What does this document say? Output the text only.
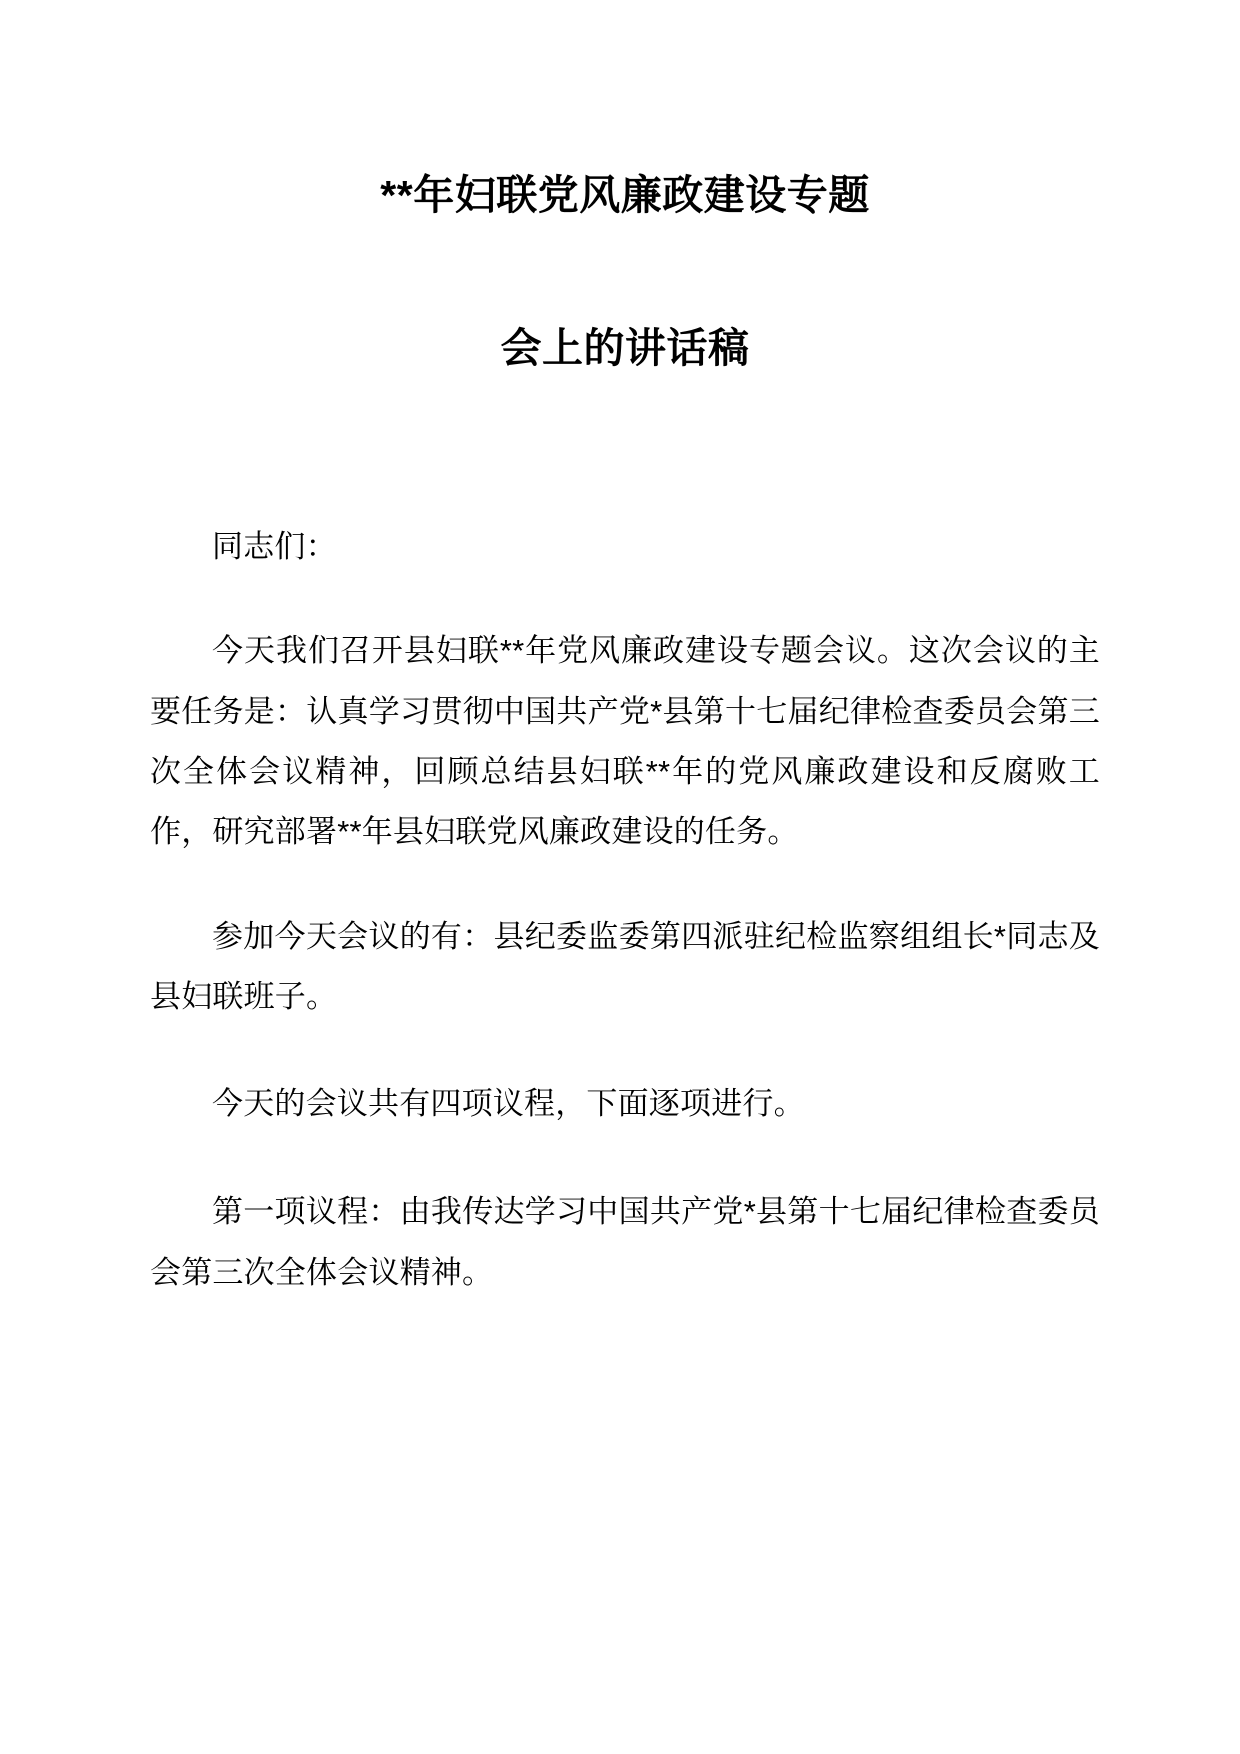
**年妇联党风廉政建设专题
会上的讲话稿
同志们：

今天我们召开县妇联**年党风廉政建设专题会议。这次会议的主要任务是：认真学习贯彻中国共产党*县第十七届纪律检查委员会第三次全体会议精神，回顾总结县妇联**年的党风廉政建设和反腐败工作，研究部署**年县妇联党风廉政建设的任务。

参加今天会议的有：县纪委监委第四派驻纪检监察组组长*同志及县妇联班子。

今天的会议共有四项议程，下面逐项进行。

第一项议程：由我传达学习中国共产党*县第十七届纪律检查委员会第三次全体会议精神。
